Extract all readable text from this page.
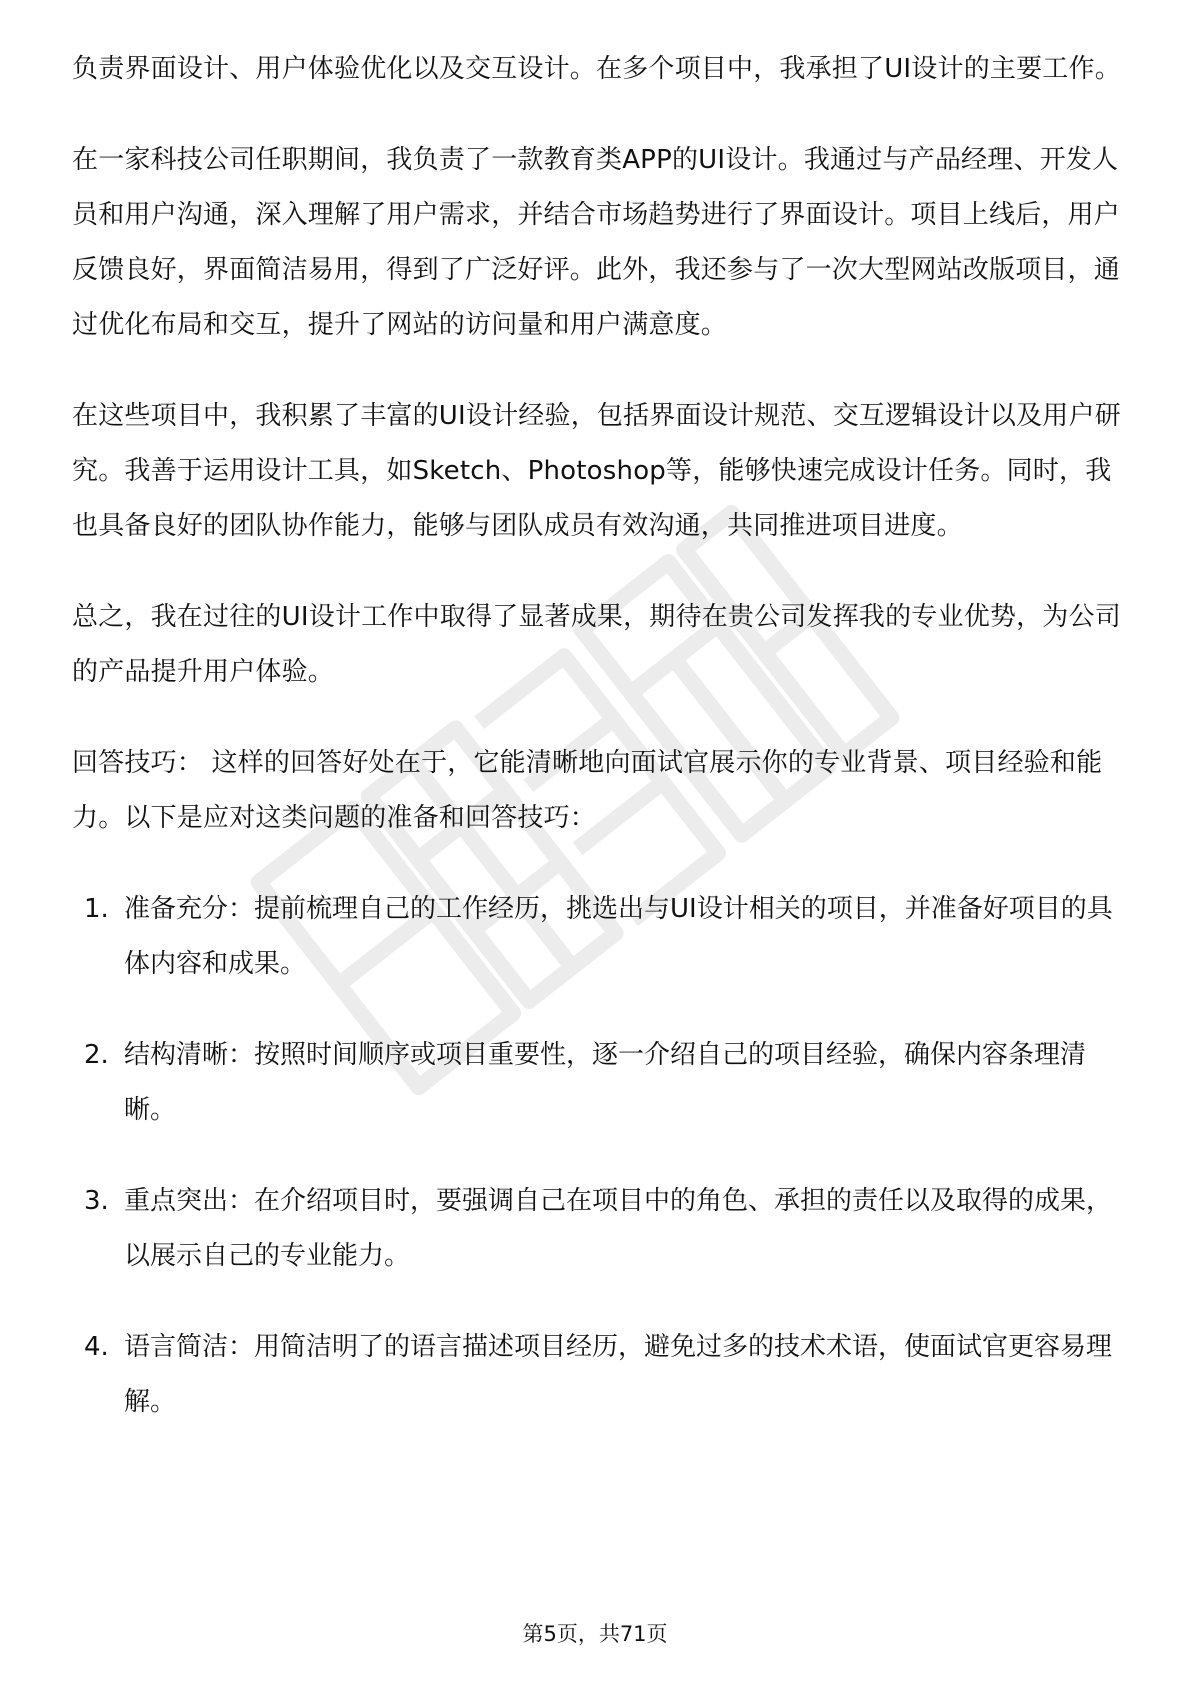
负责界面设计、用户体验优化以及交互设计。在多个项目中，我承担了UI设计的主要工作。

在一家科技公司任职期间，我负责了一款教育类APP的UI设计。我通过与产品经理、开发人员和用户沟通，深入理解了用户需求，并结合市场趋势进行了界面设计。项目上线后，用户反馈良好，界面简洁易用，得到了广泛好评。此外，我还参与了一次大型网站改版项目，通过优化布局和交互，提升了网站的访问量和用户满意度。

在这些项目中，我积累了丰富的UI设计经验，包括界面设计规范、交互逻辑设计以及用户研究。我善于运用设计工具，如Sketch、Photoshop等，能够快速完成设计任务。同时，我也具备良好的团队协作能力，能够与团队成员有效沟通，共同推进项目进度。

总之，我在过往的UI设计工作中取得了显著成果，期待在贵公司发挥我的专业优势，为公司的产品提升用户体验。

回答技巧： 这样的回答好处在于，它能清晰地向面试官展示你的专业背景、项目经验和能力。以下是应对这类问题的准备和回答技巧：

1. 准备充分：提前梳理自己的工作经历，挑选出与UI设计相关的项目，并准备好项目的具体内容和成果。
2. 结构清晰：按照时间顺序或项目重要性，逐一介绍自己的项目经验，确保内容条理清晰。
3. 重点突出：在介绍项目时，要强调自己在项目中的角色、承担的责任以及取得的成果，以展示自己的专业能力。
4. 语言简洁：用简洁明了的语言描述项目经历，避免过多的技术术语，使面试官更容易理解。
第5页，共71页
